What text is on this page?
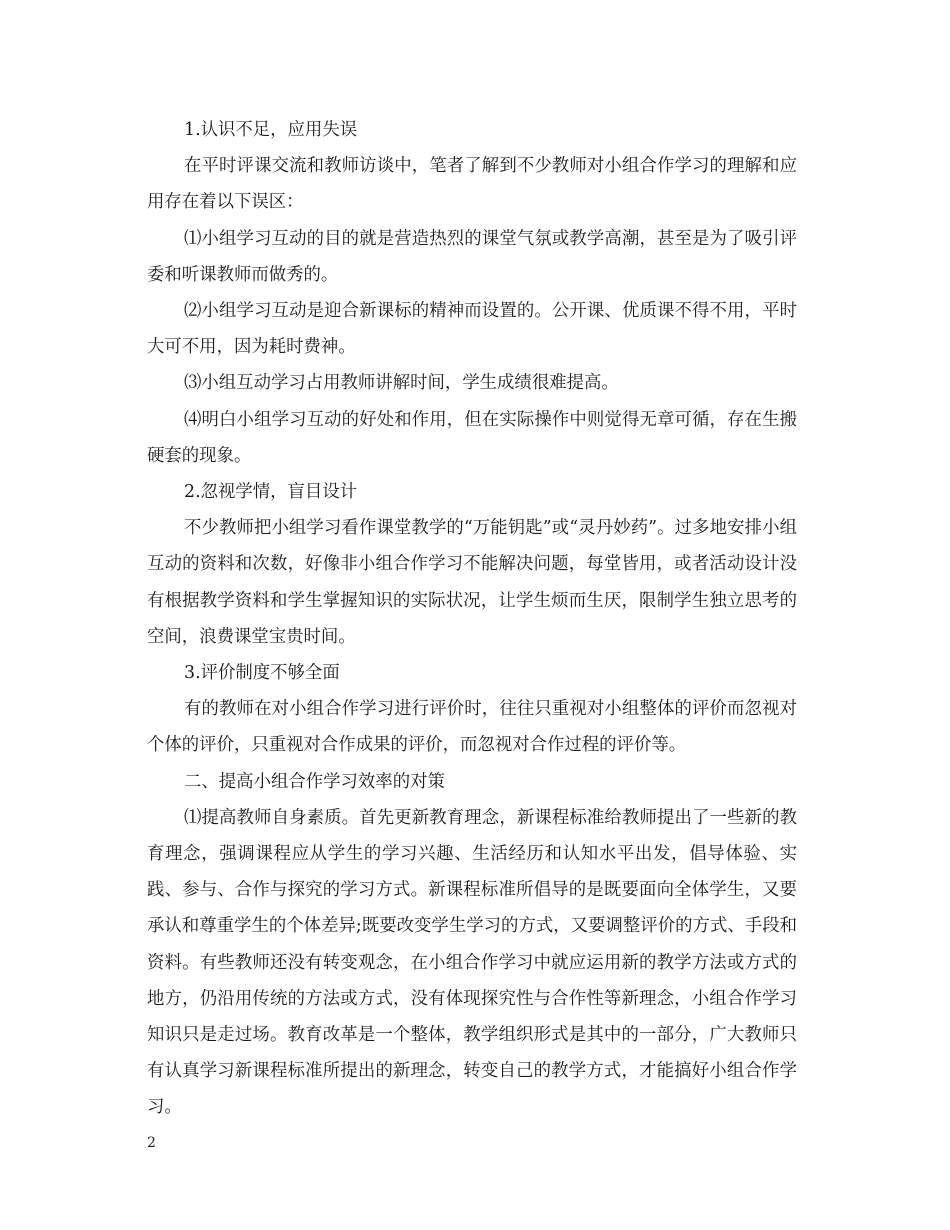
1.认识不足，应用失误

在平时评课交流和教师访谈中，笔者了解到不少教师对小组合作学习的理解和应用存在着以下误区：

⑴小组学习互动的目的就是营造热烈的课堂气氛或教学高潮，甚至是为了吸引评委和听课教师而做秀的。

⑵小组学习互动是迎合新课标的精神而设置的。公开课、优质课不得不用，平时大可不用，因为耗时费神。

⑶小组互动学习占用教师讲解时间，学生成绩很难提高。

⑷明白小组学习互动的好处和作用，但在实际操作中则觉得无章可循，存在生搬硬套的现象。

2.忽视学情，盲目设计

不少教师把小组学习看作课堂教学的“万能钥匙”或“灵丹妙药”。过多地安排小组互动的资料和次数，好像非小组合作学习不能解决问题，每堂皆用，或者活动设计没有根据教学资料和学生掌握知识的实际状况，让学生烦而生厌，限制学生独立思考的空间，浪费课堂宝贵时间。

3.评价制度不够全面

有的教师在对小组合作学习进行评价时，往往只重视对小组整体的评价而忽视对个体的评价，只重视对合作成果的评价，而忽视对合作过程的评价等。

二、提高小组合作学习效率的对策

⑴提高教师自身素质。首先更新教育理念，新课程标准给教师提出了一些新的教育理念，强调课程应从学生的学习兴趣、生活经历和认知水平出发，倡导体验、实践、参与、合作与探究的学习方式。新课程标准所倡导的是既要面向全体学生，又要承认和尊重学生的个体差异;既要改变学生学习的方式，又要调整评价的方式、手段和资料。有些教师还没有转变观念，在小组合作学习中就应运用新的教学方法或方式的地方，仍沿用传统的方法或方式，没有体现探究性与合作性等新理念，小组合作学习知识只是走过场。教育改革是一个整体，教学组织形式是其中的一部分，广大教师只有认真学习新课程标准所提出的新理念，转变自己的教学方式，才能搞好小组合作学习。

2
